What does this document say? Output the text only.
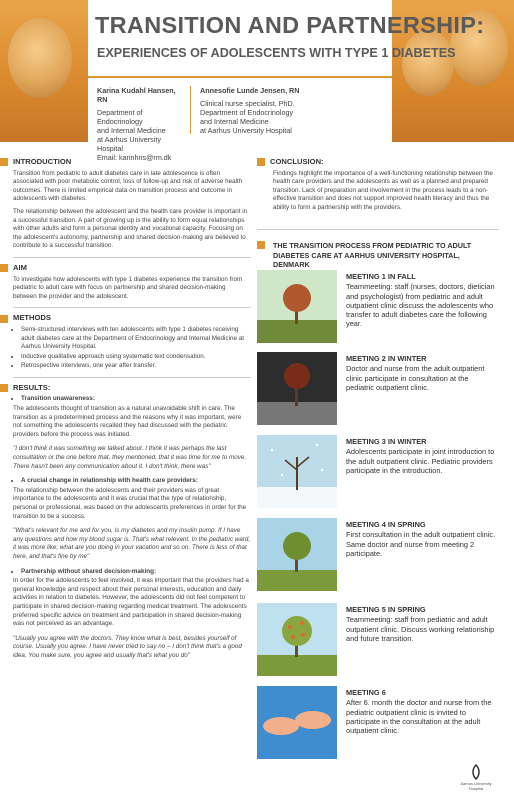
TRANSITION AND PARTNERSHIP:
EXPERIENCES OF ADOLESCENTS WITH TYPE 1 DIABETES
Karina Kudahl Hansen, RN
Department of Endocrinology
and Internal Medicine
at Aarhus University Hospital
Email: karinhns@rm.dk
Annesofie Lunde Jensen, RN
Clinical nurse specialist, PhD.
Department of Endocrinology
and Internal Medicine
at Aarhus University Hospital
INTRODUCTION

Transition from pediatric to adult diabetes care in late adolescence is often associated with poor metabolic control, loss of follow-up and risk of adverse health outcomes. There is limited empirical data on transition process and outcome in adolescents with diabetes.

The relationship between the adolescent and the health care provider is important in a successful transition. A part of growing up is the ability to form equal relationships with other adults and form a personal identity and vocational capacity. Focusing on the adolescent's autonomy, partnership and shared decision-making are believed to contribute to a successful transition.

AIM

To investigate how adolescents with type 1 diabetes experience the transition from pediatric to adult care with focus on partnership and shared decision-making between the provider and the adolescent.

METHODS
• Semi-structured interviews with ten adolescents with type 1 diabetes receiving adult diabetes care at the Department of Endocrinology and Internal Medicine at Aarhus University Hospital.
• Inductive qualitative approach using systematic text condensation.
• Retrospective interviews, one year after transfer.
RESULTS:
• Transition unawareness:

The adolescents thought of transition as a natural unavoidable shift in care. The transition as a predetermined process and the reasons why it was important, were not something the adolescents recalled they had discussed with the pediatric providers before the process was initiated.

"I don't think it was something we talked about. I think it was perhaps the last consultation or the one before that, they mentioned, that it was time for me to move. There hasn't been any communication about it. I don't think, there was"

• A crucial change in relationship with health care providers:

The relationship between the adolescents and their providers was of great importance to the adolescents and it was crucial that the type of relationship, personal or professional, was based on the adolescents preferences in order for the transition to be a success.

"What's relevant for me and for you, is my diabetes and my insulin pump. If I have any questions and how my blood sugar is. That's what relevant. In the pediatric ward, it was more like; what are you doing in your vacation and so on. There is less of that here, and that's fine by me"

• Partnership without shared decision-making:

In order for the adolescents to feel involved, it was important that the providers had a general knowledge and respect about their personal interests, education and daily activities in relation to diabetes. However, the adolescents did not feel competent to participate in shared decision-making regarding medical treatment. The adolescents preferred specific advice on treatment and participation in shared decision-making was not perceived as an advantage.

"Usually you agree with the doctors. They know what is best, besides yourself of course. Usually you agree. I have never tried to say no – I don't think that's a good idea. You make sure, you agree and usually that's what you do"

CONCLUSION:

Findings highlight the importance of a well-functioning relationship between the health care providers and the adolescents as well as a planned and prepared transition. Lack of preparation and involvement in the process leads to a non-effective transition and does not support improved health literacy and thus the ability to form a partnership with the providers.

THE TRANSITION PROCESS FROM PEDIATRIC TO ADULT DIABETES CARE AT AARHUS UNIVERSITY HOSPITAL, DENMARK
MEETING 1 IN FALL
Teammeeting: staff (nurses, doctors, dietician and psychologist) from pediatric and adult outpatient clinic discuss the adolescents who transfer to adult diabetes care the following year.
MEETING 2 IN WINTER
Doctor and nurse from the adult outpatient clinic participate in consultation at the pediatric outpatient clinic.
MEETING 3 IN WINTER
Adolescents participate in joint introduction to the adult outpatient clinic. Pediatric providers participate in the introduction.
MEETING 4 IN SPRING
First consultation in the adult outpatient clinic. Same doctor and nurse from meeting 2 participate.
MEETING 5 IN SPRING
Teammeeting: staff from pediatric and adult outpatient clinic. Discuss working relationship and future transition.
MEETING 6
After 6. month the doctor and nurse from the pediatric outpatient clinic is invited to participate in the consultation at the adult outpatient clinic.
Aarhus University Hospital
